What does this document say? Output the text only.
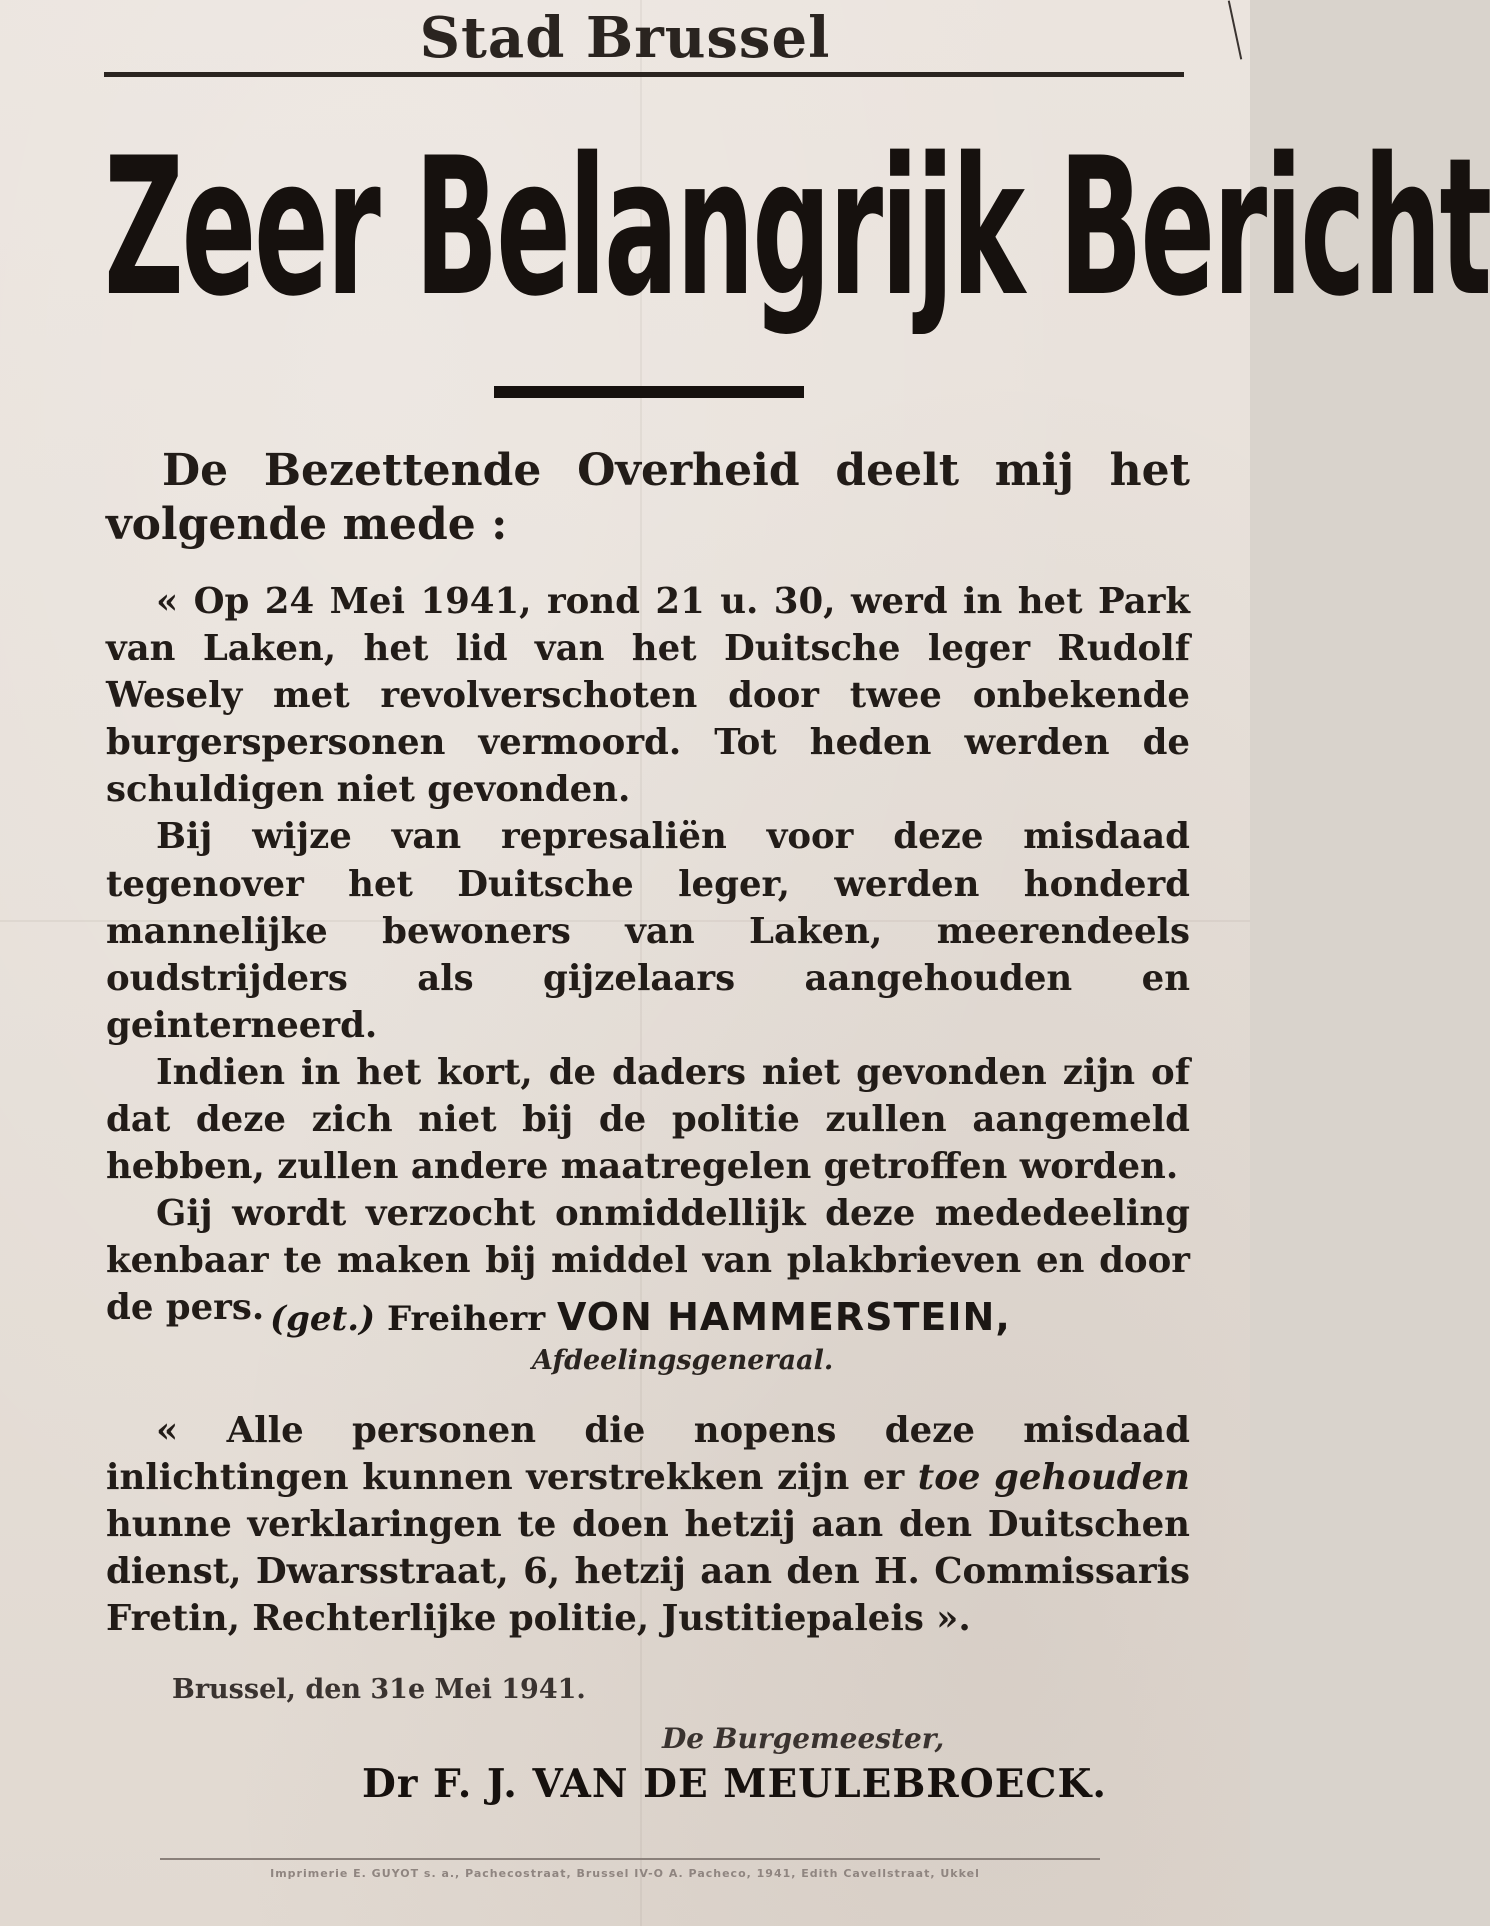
Stad Brussel
Zeer Belangrijk Bericht
De Bezettende Overheid deelt mij het volgende mede :

« Op 24 Mei 1941, rond 21 u. 30, werd in het Park van Laken, het lid van het Duitsche leger Rudolf Wesely met revolverschoten door twee onbekende burgerspersonen vermoord. Tot heden werden de schuldigen niet gevonden.

Bij wijze van represaliën voor deze misdaad tegenover het Duitsche leger, werden honderd mannelijke bewoners van Laken, meerendeels oudstrijders als gijzelaars aangehouden en geinterneerd.

Indien in het kort, de daders niet gevonden zijn of dat deze zich niet bij de politie zullen aangemeld hebben, zullen andere maatregelen getroffen worden.

Gij wordt verzocht onmiddellijk deze mededeeling kenbaar te maken bij middel van plakbrieven en door de pers. (get.) Freiherr VON HAMMERSTEIN,
Afdeelingsgeneraal.

« Alle personen die nopens deze misdaad inlichtingen kunnen verstrekken zijn er toe gehouden hunne verklaringen te doen hetzij aan den Duitschen dienst, Dwarsstraat, 6, hetzij aan den H. Commissaris Fretin, Rechterlijke politie, Justitiepaleis ».

Brussel, den 31e Mei 1941.
De Burgemeester,
Dr F. J. VAN DE MEULEBROECK.
Imprimerie E. GUYOT s. a., Pachecostraat, Brussel IV-O A. Pacheco, 1941, Edith Cavellstraat, Ukkel
